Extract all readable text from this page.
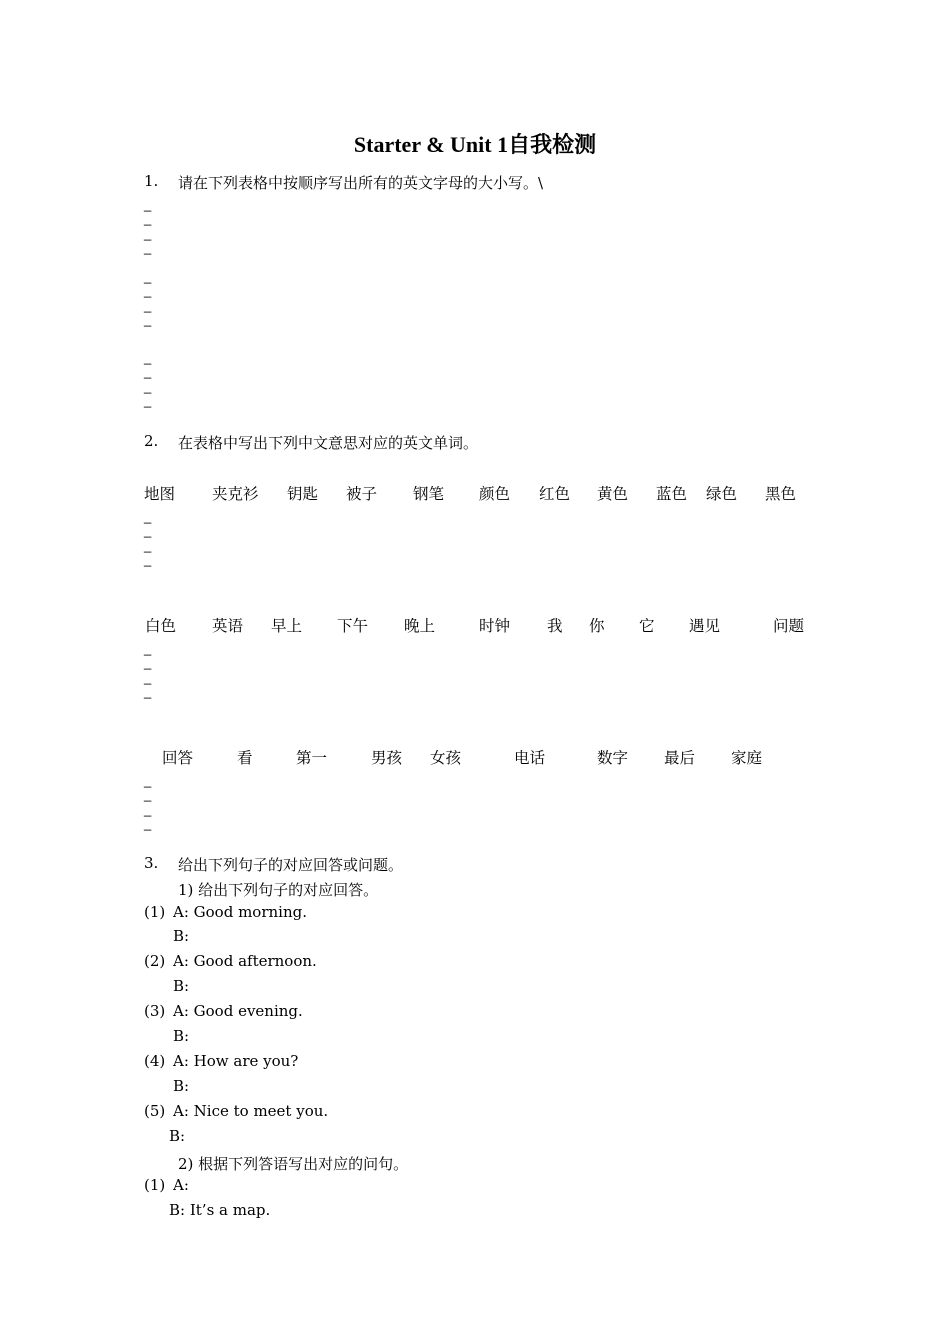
Starter & Unit 1自我检测
1. 请在下列表格中按顺序写出所有的英文字母的大小写。\
2. 在表格中写出下列中文意思对应的英文单词。
地图 夹克衫 钥匙 被子 钢笔 颜色 红色 黄色 蓝色 绿色 黑色
白色 英语 早上 下午 晚上	时钟 我 你 它 遇见	问题
回答	看	第一	男孩 女孩	电话	数字 最后 家庭
3. 给出下列句子的对应回答或问题。
1) 给出下列句子的对应回答。
(1) A: Good morning.
B:
(2) A: Good afternoon.
B:
(3) A: Good evening.
B:
(4) A: How are you?
B:
(5) A: Nice to meet you.
B:
2) 根据下列答语写出对应的问句。
(1) A:
B: It’s a map.
_
_
_
_
_
_
_
_
_
_
_
_
_
_
_
_
_
_
_
_
_
_
_
_
